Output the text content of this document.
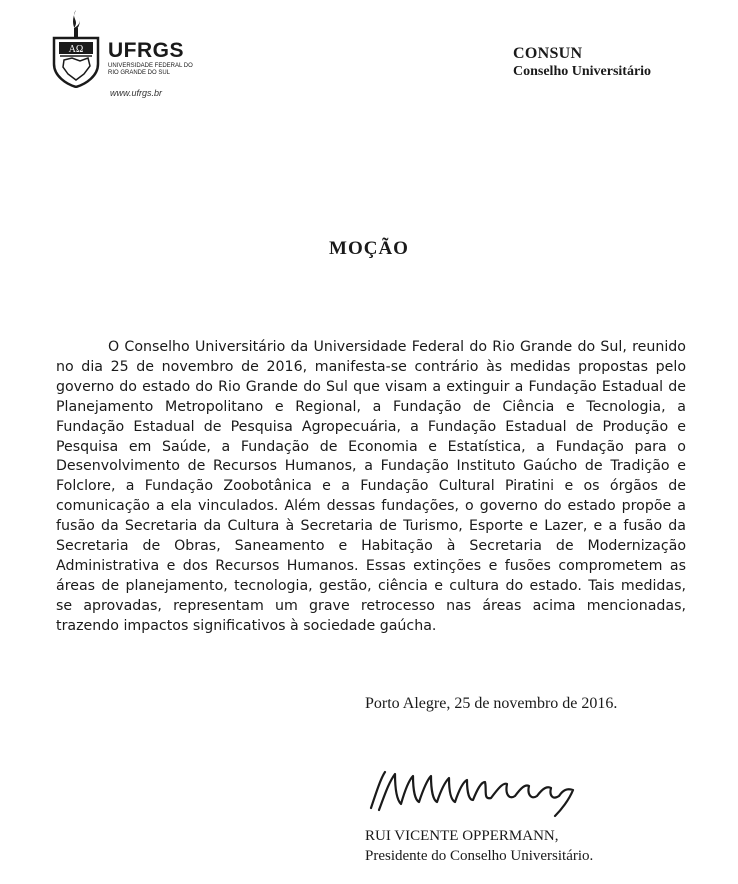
AΩ UFRGS
UNIVERSIDADE FEDERAL DO RIO GRANDE DO SUL
www.ufrgs.br
CONSUN
Conselho Universitário
MOÇÃO
O Conselho Universitário da Universidade Federal do Rio Grande do Sul, reunido no dia 25 de novembro de 2016, manifesta-se contrário às medidas propostas pelo governo do estado do Rio Grande do Sul que visam a extinguir a Fundação Estadual de Planejamento Metropolitano e Regional, a Fundação de Ciência e Tecnologia, a Fundação Estadual de Pesquisa Agropecuária, a Fundação Estadual de Produção e Pesquisa em Saúde, a Fundação de Economia e Estatística, a Fundação para o Desenvolvimento de Recursos Humanos, a Fundação Instituto Gaúcho de Tradição e Folclore, a Fundação Zoobotânica e a Fundação Cultural Piratini e os órgãos de comunicação a ela vinculados. Além dessas fundações, o governo do estado propõe a fusão da Secretaria da Cultura à Secretaria de Turismo, Esporte e Lazer, e a fusão da Secretaria de Obras, Saneamento e Habitação à Secretaria de Modernização Administrativa e dos Recursos Humanos. Essas extinções e fusões comprometem as áreas de planejamento, tecnologia, gestão, ciência e cultura do estado. Tais medidas, se aprovadas, representam um grave retrocesso nas áreas acima mencionadas, trazendo impactos significativos à sociedade gaúcha.
Porto Alegre, 25 de novembro de 2016.
RUI VICENTE OPPERMANN,
Presidente do Conselho Universitário.
